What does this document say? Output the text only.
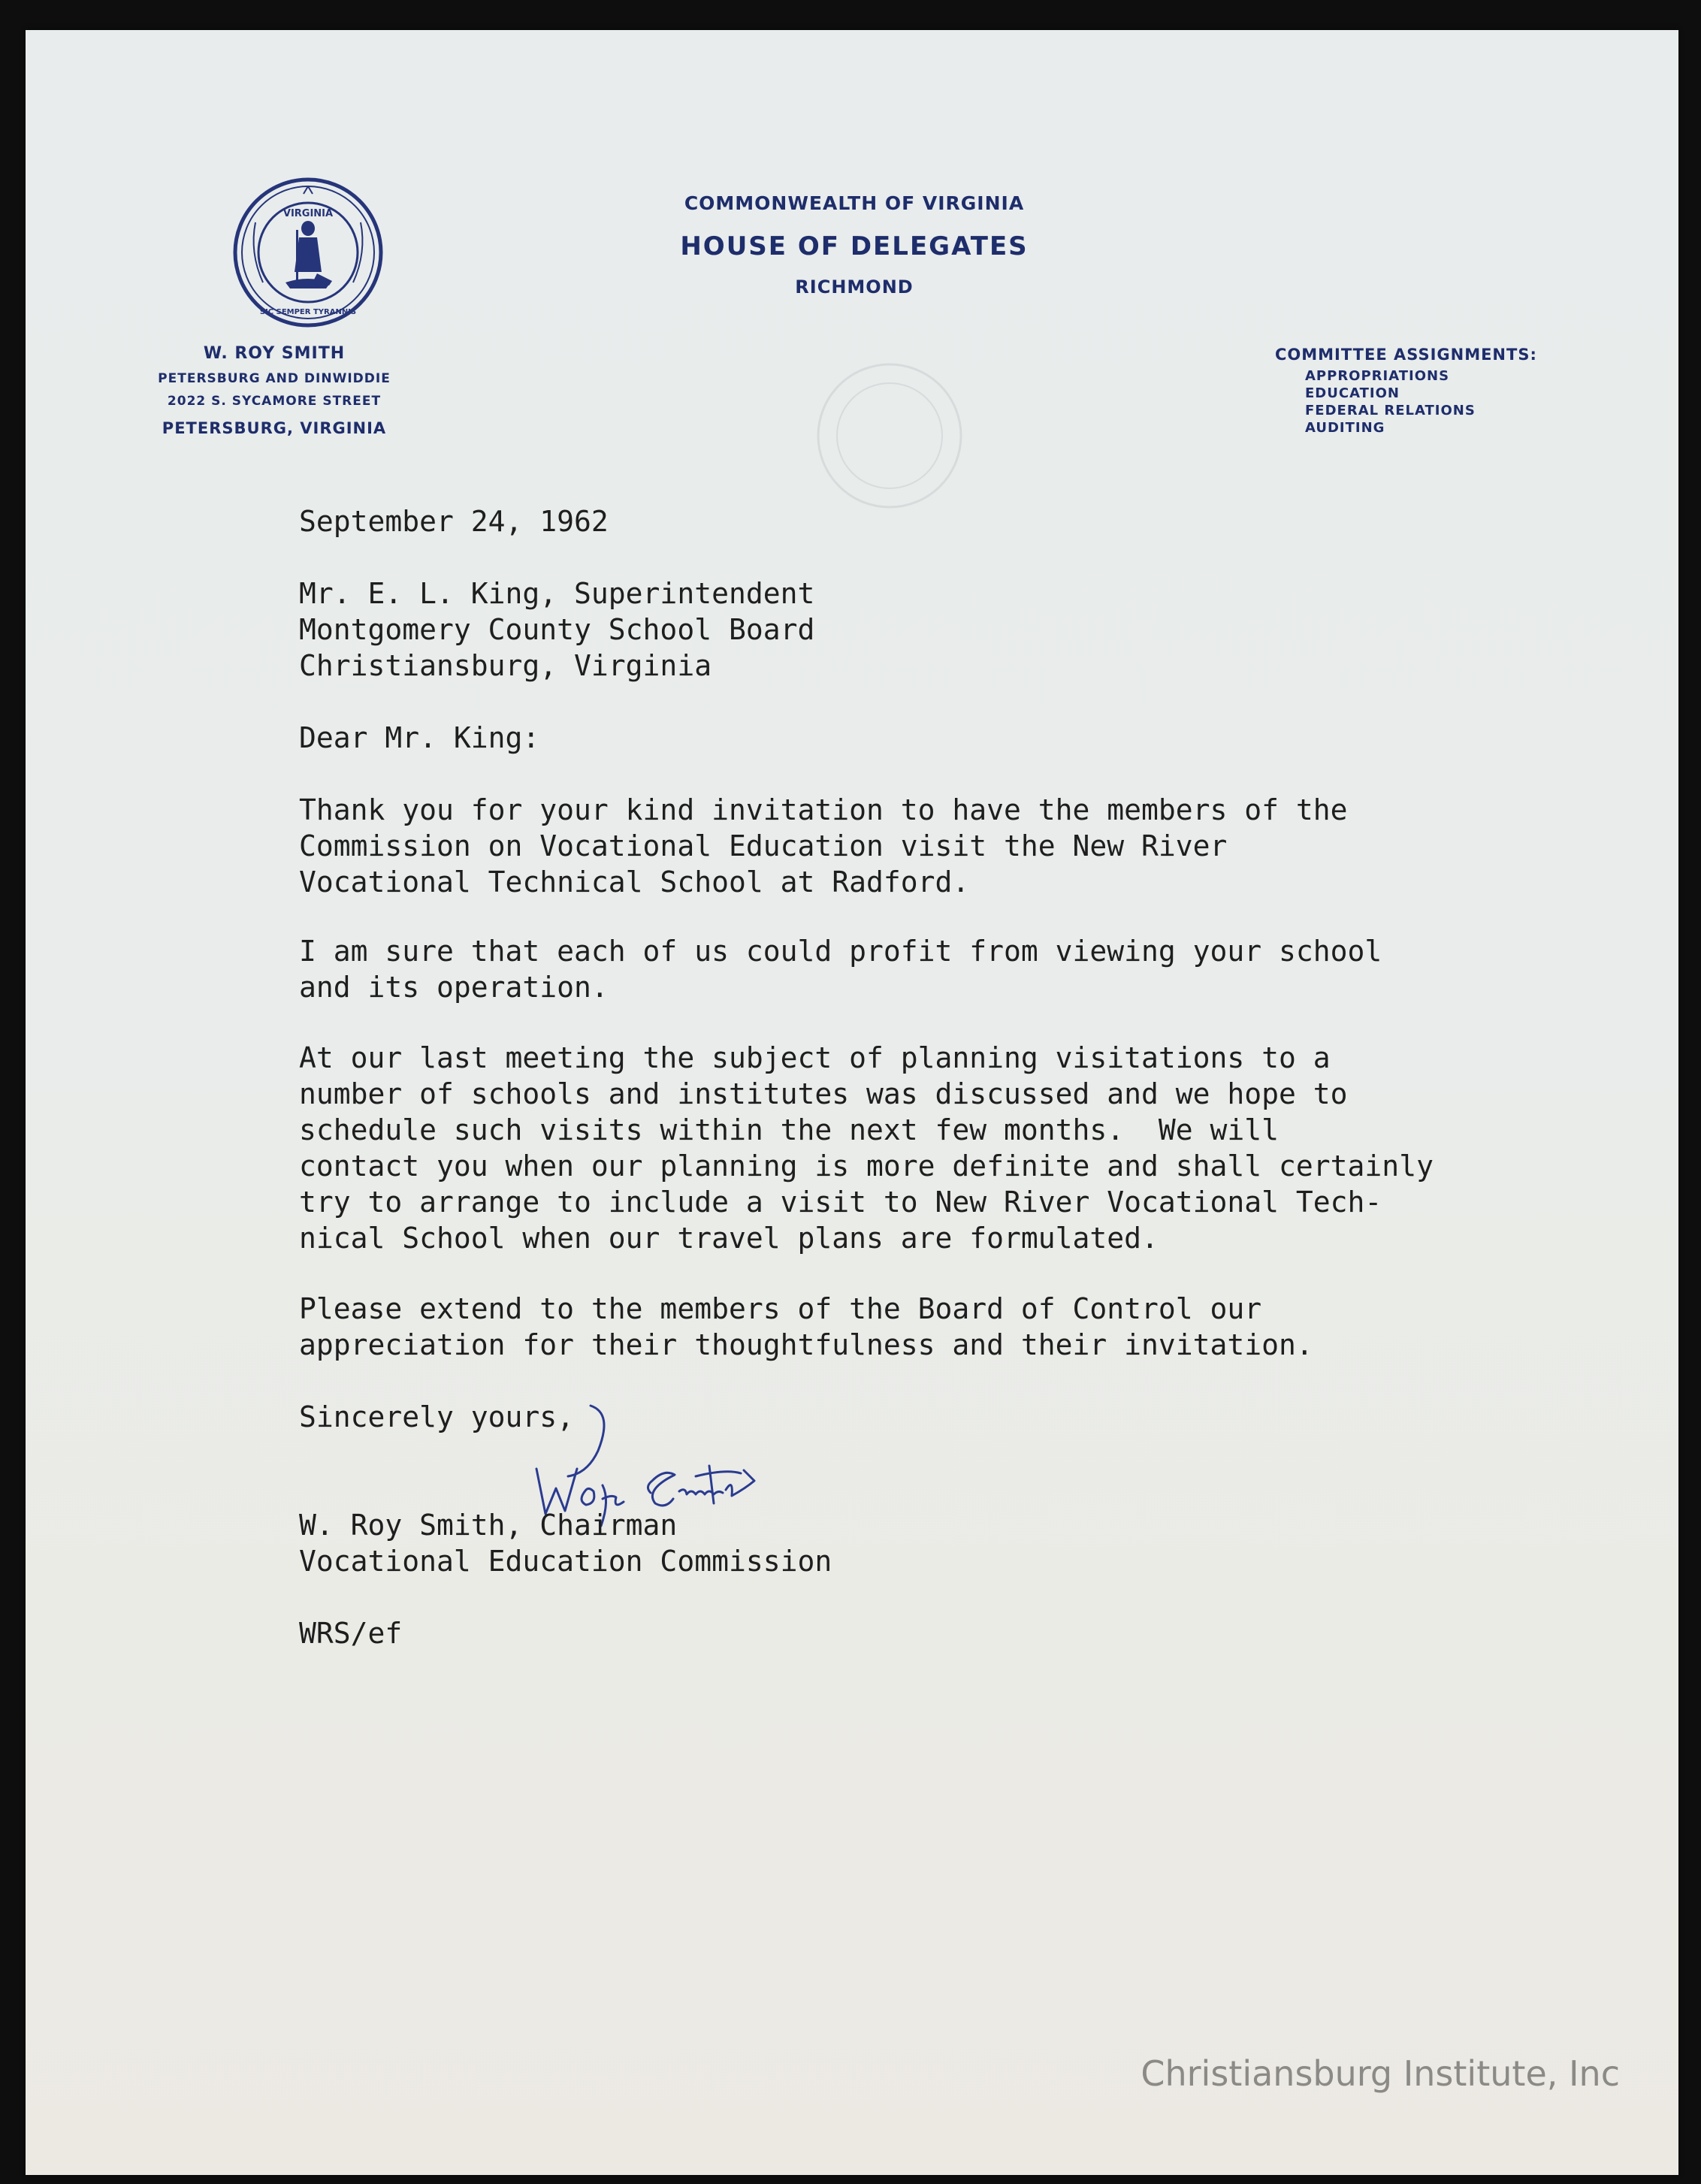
VIRGINIA
SIC SEMPER TYRANNIS
COMMONWEALTH OF VIRGINIA
HOUSE OF DELEGATES
RICHMOND
W. ROY SMITH
PETERSBURG AND DINWIDDIE
2022 S. SYCAMORE STREET
PETERSBURG, VIRGINIA
COMMITTEE ASSIGNMENTS:
APPROPRIATIONS
EDUCATION
FEDERAL RELATIONS
AUDITING

September 24, 1962

Mr. E. L. King, Superintendent

Montgomery County School Board

Christiansburg, Virginia

Dear Mr. King:

Thank you for your kind invitation to have the members of the

Commission on Vocational Education visit the New River

Vocational Technical School at Radford.

I am sure that each of us could profit from viewing your school

and its operation.

At our last meeting the subject of planning visitations to a

number of schools and institutes was discussed and we hope to

schedule such visits within the next few months.  We will

contact you when our planning is more definite and shall certainly

try to arrange to include a visit to New River Vocational Tech-

nical School when our travel plans are formulated.

Please extend to the members of the Board of Control our

appreciation for their thoughtfulness and their invitation.

Sincerely yours,

W. Roy Smith, Chairman

Vocational Education Commission

WRS/ef

Christiansburg Institute, Inc
